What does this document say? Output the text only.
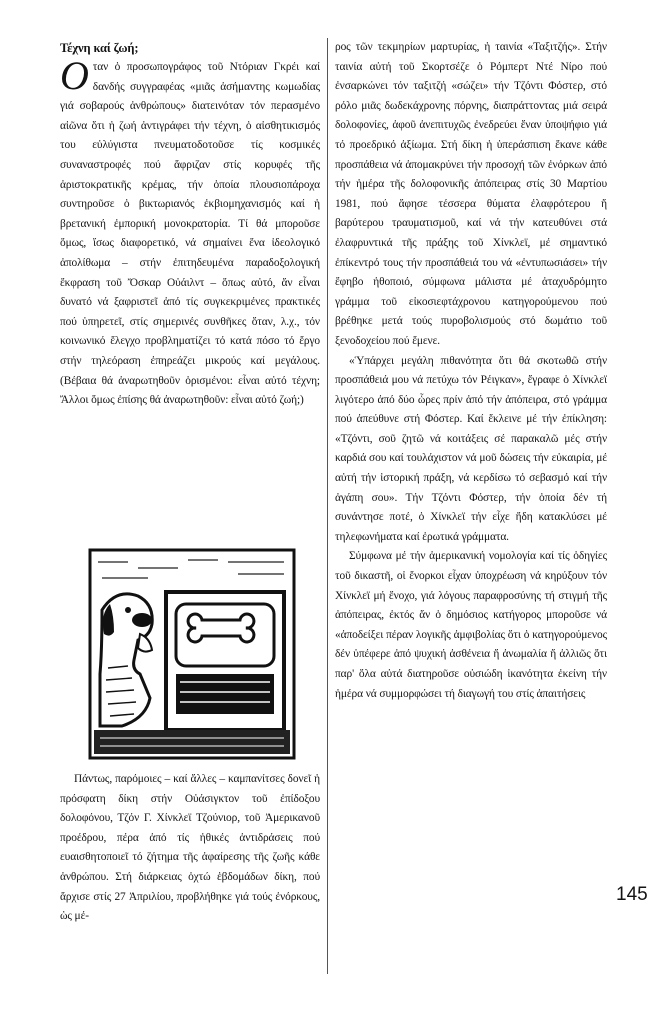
Τέχνη καί ζωή;

Οταν ὁ προσωπογράφος τοῦ Ντόριαν Γκρέι καί δανδής συγγραφέας «μιᾶς ἀσήμαντης κωμωδίας γιά σοβαρούς ἀνθρώπους» διατεινόταν τόν περασμένο αἰῶνα ὅτι ἡ ζωή ἀντιγράφει τήν τέχνη, ὁ αἰσθητικισμός του εὐλύγιστα πνευματοδοτοῦσε τίς κοσμικές συναναστροφές πού ἄφριζαν στίς κορυφές τῆς ἀριστοκρατικῆς κρέμας, τήν ὁποία πλουσιοπάροχα συντηροῦσε ὁ βικτωριανός ἐκβιομηχανισμός καί ἡ βρετανική ἐμπορική μονοκρατορία. Τί θά μποροῦσε ὅμως, ἴσως διαφορετικό, νά σημαίνει ἕνα ἰδεολογικό ἀπολίθωμα – στήν ἐπιτηδευμένα παραδοξολογική ἔκφραση τοῦ Ὄσκαρ Οὐάιλντ – ὅπως αὐτό, ἄν εἶναι δυνατό νά ξαφριστεῖ ἀπό τίς συγκεκριμένες πρακτικές πού ὑπηρετεῖ, στίς σημερινές συνθῆκες ὅταν, λ.χ., τόν κοινωνικό ἔλεγχο προβληματίζει τό κατά πόσο τό ἔργο στήν τηλεόραση ἐπηρεάζει μικρούς καί μεγάλους. (Βέβαια θά ἀναρωτηθοῦν ὁρισμένοι: εἶναι αὐτό τέχνη; Ἄλλοι ὅμως ἐπίσης θά ἀναρωτηθοῦν: εἶναι αὐτό ζωή;)

Πάντως, παρόμοιες – καί ἄλλες – καμπανίτσες δονεῖ ἡ πρόσφατη δίκη στήν Οὐάσιγκτον τοῦ ἐπίδοξου δολοφόνου, Τζόν Γ. Χίνκλεϊ Τζούνιορ, τοῦ Ἀμερικανοῦ προέδρου, πέρα ἀπό τίς ἠθικές ἀντιδράσεις πού ευαισθητοποιεῖ τό ζήτημα τῆς ἀφαίρεσης τῆς ζωῆς κάθε ἀνθρώπου. Στή διάρκειας ὀχτώ ἑβδομάδων δίκη, πού ἄρχισε στίς 27 Ἀπριλίου, προβλήθηκε γιά τούς ἐνόρκους, ὡς μέ-

ρος τῶν τεκμηρίων μαρτυρίας, ἡ ταινία «Ταξιτζής». Στήν ταινία αὐτή τοῦ Σκορτσέζε ὁ Ρόμπερτ Ντέ Νίρο πού ἐνσαρκώνει τόν ταξιτζή «σώζει» τήν Τζόντι Φόστερ, στό ρόλο μιᾶς δωδεκάχρονης πόρνης, διαπράττοντας μιά σειρά δολοφονίες, ἀφοῦ ἀνεπιτυχῶς ἐνεδρεύει ἕναν ὑποψήφιο γιά τό προεδρικό ἀξίωμα. Στή δίκη ἡ ὑπεράσπιση ἔκανε κάθε προσπάθεια νά ἀπομακρύνει τήν προσοχή τῶν ἐνόρκων ἀπό τήν ἡμέρα τῆς δολοφονικῆς ἀπόπειρας στίς 30 Μαρτίου 1981, πού ἄφησε τέσσερα θύματα ἐλαφρότερου ἤ βαρύτερου τραυματισμοῦ, καί νά τήν κατευθύνει στά ἐλαφρυντικά τῆς πράξης τοῦ Χίνκλεϊ, μέ σημαντικό ἐπίκεντρό τους τήν προσπάθειά του νά «ἐντυπωσιάσει» τήν ἔφηβο ἠθοποιό, σύμφωνα μάλιστα μέ ἀταχυδρόμητο γράμμα τοῦ εἰκοσιεφτάχρονου κατηγορούμενου πού βρέθηκε μετά τούς πυροβολισμούς στό δωμάτιο τοῦ ξενοδοχείου πού ἔμενε.

«Ὑπάρχει μεγάλη πιθανότητα ὅτι θά σκοτωθῶ στήν προσπάθειά μου νά πετύχω τόν Ρέιγκαν», ἔγραφε ὁ Χίνκλεϊ λιγότερο ἀπό δύο ὧρες πρίν ἀπό τήν ἀπόπειρα, στό γράμμα πού ἀπεύθυνε στή Φόστερ. Καί ἔκλεινε μέ τήν ἐπίκληση: «Τζόντι, σοῦ ζητῶ νά κοιτάξεις σέ παρακαλῶ μές στήν καρδιά σου καί τουλάχιστον νά μοῦ δώσεις τήν εὐκαιρία, μέ αὐτή τήν ἱστορική πράξη, νά κερδίσω τό σεβασμό καί τήν ἀγάπη σου». Τήν Τζόντι Φόστερ, τήν ὁποία δέν τή συνάντησε ποτέ, ὁ Χίνκλεϊ τήν εἶχε ἤδη κατακλύσει μέ τηλεφωνήματα καί ἐρωτικά γράμματα.

Σύμφωνα μέ τήν ἀμερικανική νομολογία καί τίς ὁδηγίες τοῦ δικαστῆ, οἱ ἔνορκοι εἶχαν ὑποχρέωση νά κηρύξουν τόν Χίνκλεϊ μή ἔνοχο, γιά λόγους παραφροσύνης τή στιγμή τῆς ἀπόπειρας, ἐκτός ἄν ὁ δημόσιος κατήγορος μποροῦσε νά «ἀποδείξει πέραν λογικῆς ἀμφιβολίας ὅτι ὁ κατηγορούμενος δέν ὑπέφερε ἀπό ψυχική ἀσθένεια ἤ ἀνωμαλία ἤ ἀλλιῶς ὅτι παρ' ὅλα αὐτά διατηροῦσε οὐσιώδη ἱκανότητα ἐκείνη τήν ἡμέρα νά συμμορφώσει τή διαγωγή του στίς ἀπαιτήσεις

145
